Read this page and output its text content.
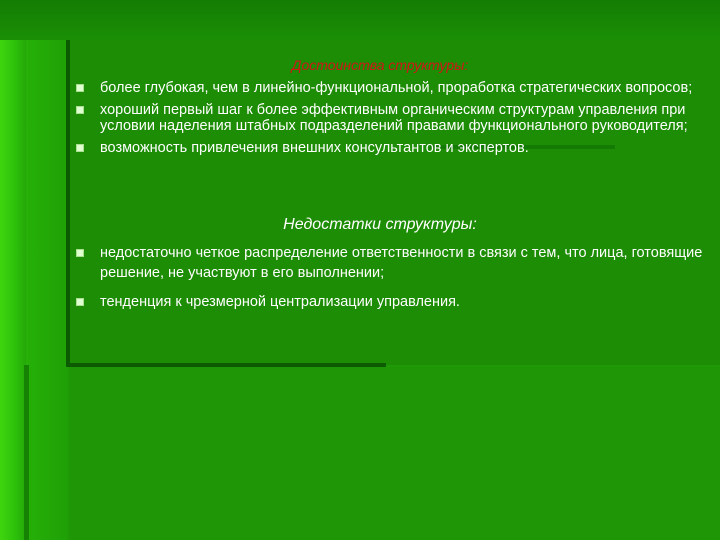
Достоинства структуры:
более глубокая, чем в линейно-функциональной, проработка стратегических вопросов;
хороший первый шаг к более эффективным органическим структурам управления при условии наделения штабных подразделений правами функционального руководителя;
возможность привлечения внешних консультантов и экспертов.
Недостатки структуры:
недостаточно четкое распределение ответственности в связи с тем, что лица, готовящие решение, не участвуют в его выполнении;
тенденция к чрезмерной централизации управления.
